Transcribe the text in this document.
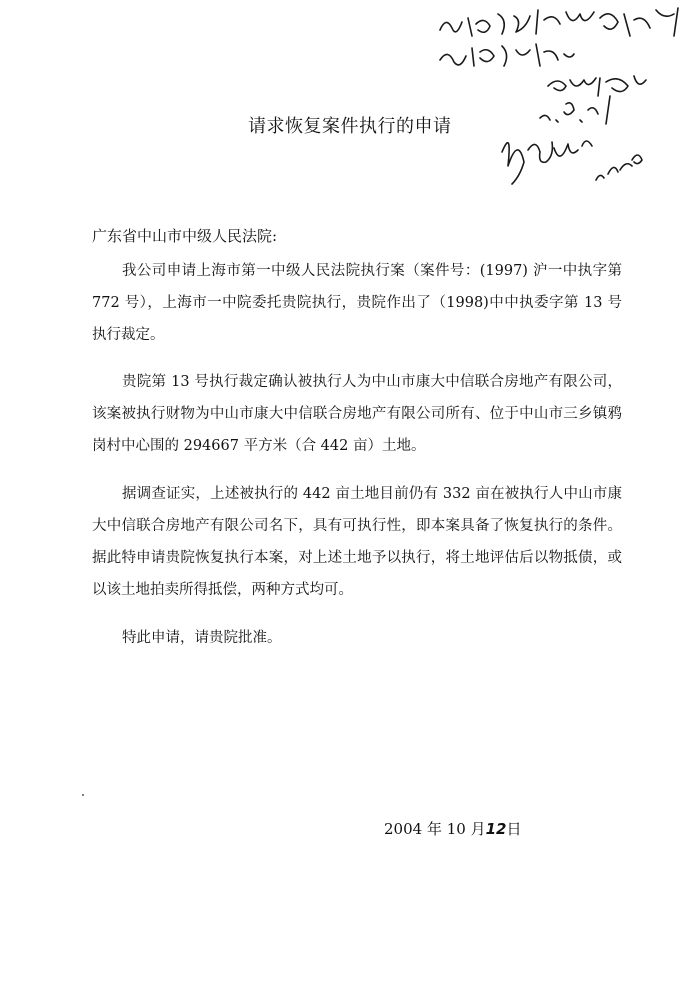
请求恢复案件执行的申请
广东省中山市中级人民法院:
我公司申请上海市第一中级人民法院执行案（案件号：(1997) 沪一中执字第 772 号），上海市一中院委托贵院执行，贵院作出了（1998)中中执委字第 13 号执行裁定。
贵院第 13 号执行裁定确认被执行人为中山市康大中信联合房地产有限公司，该案被执行财物为中山市康大中信联合房地产有限公司所有、位于中山市三乡镇鸦岗村中心围的 294667 平方米（合 442 亩）土地。
据调查证实，上述被执行的 442 亩土地目前仍有 332 亩在被执行人中山市康大中信联合房地产有限公司名下，具有可执行性，即本案具备了恢复执行的条件。据此特申请贵院恢复执行本案，对上述土地予以执行，将土地评估后以物抵债，或以该土地拍卖所得抵偿，两种方式均可。
特此申请，请贵院批准。
2004 年 10 月12日
